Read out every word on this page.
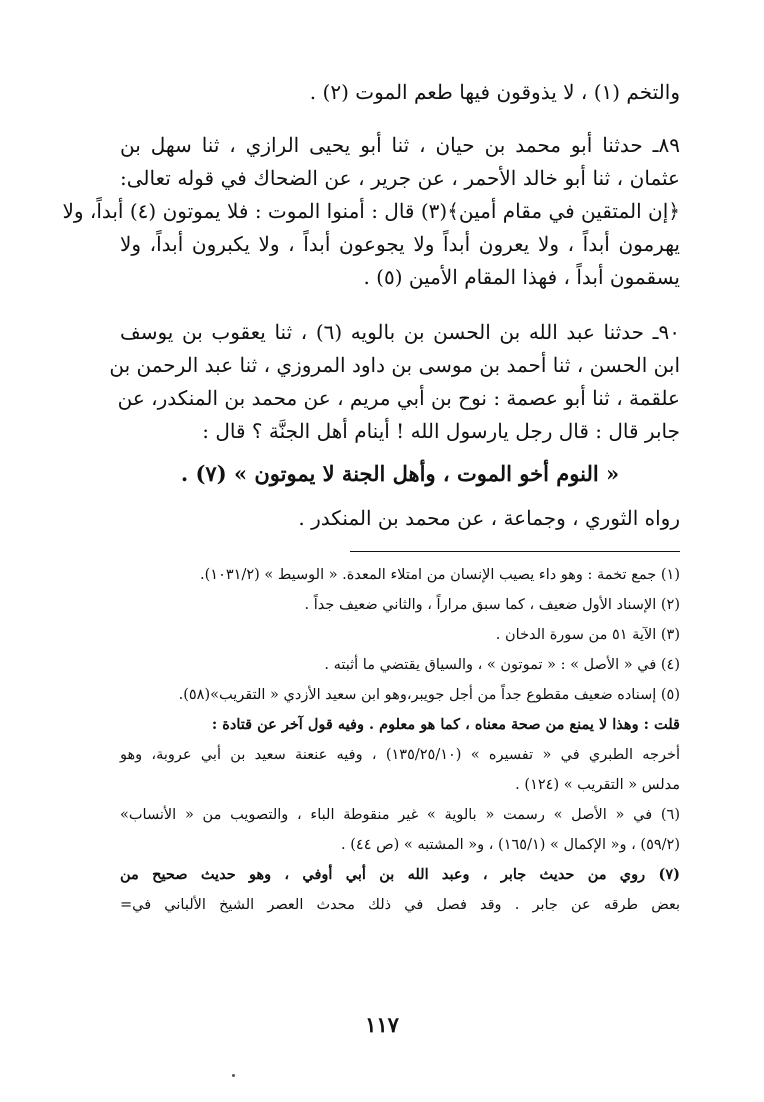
والتخم (١) ، لا يذوقون فيها طعم الموت (٢) .
٨٩ـ حدثنا أبو محمد بن حيان ، ثنا أبو يحيى الرازي ، ثنا سهل بن
عثمان ، ثنا أبو خالد الأحمر ، عن جرير ، عن الضحاك في قوله تعالى:
﴿إن المتقين في مقام أمين﴾(٣) قال : أمنوا الموت : فلا يموتون (٤) أبداً، ولا
يهرمون أبداً ، ولا يعرون أبداً ولا يجوعون أبداً ، ولا يكبرون أبداً، ولا
يسقمون أبداً ، فهذا المقام الأمين (٥) .
٩٠ـ حدثنا عبد الله بن الحسن بن بالويه (٦) ، ثنا يعقوب بن يوسف
ابن الحسن ، ثنا أحمد بن موسى بن داود المروزي ، ثنا عبد الرحمن بن
علقمة ، ثنا أبو عصمة : نوح بن أبي مريم ، عن محمد بن المنكدر، عن
جابر قال : قال رجل يارسول الله ! أينام أهل الجنَّة ؟ قال :
« النوم أخو الموت ، وأهل الجنة لا يموتون » (٧) .
رواه الثوري ، وجماعة ، عن محمد بن المنكدر .
(١) جمع تخمة : وهو داء يصيب الإنسان من امتلاء المعدة. « الوسيط » (١٠٣١/٢).
(٢) الإسناد الأول ضعيف ، كما سبق مراراً ، والثاني ضعيف جداً .
(٣) الآية ٥١ من سورة الدخان .
(٤) في « الأصل » : « تموتون » ، والسياق يقتضي ما أثبته .
(٥) إسناده ضعيف مقطوع جداً من أجل جويبر،وهو ابن سعيد الأزدي « التقريب»(٥٨).
قلت : وهذا لا يمنع من صحة معناه ، كما هو معلوم . وفيه قول آخر عن قتادة :
أخرجه الطبري في « تفسيره » (١٣٥/٢٥/١٠) ، وفيه عنعنة سعيد بن أبي عروبة، وهو
مدلس « التقريب » (١٢٤) .
(٦) في « الأصل » رسمت « بالوية » غير منقوطة الباء ، والتصويب من « الأنساب»
(٥٩/٢) ، و« الإكمال » (١٦٥/١) ، و« المشتبه » (ص ٤٤) .
(٧) روي من حديث جابر ، وعبد الله بن أبي أوفي ، وهو حديث صحيح من
بعض طرقه عن جابر . وقد فصل في ذلك محدث العصر الشيخ الألباني في=
١١٧
